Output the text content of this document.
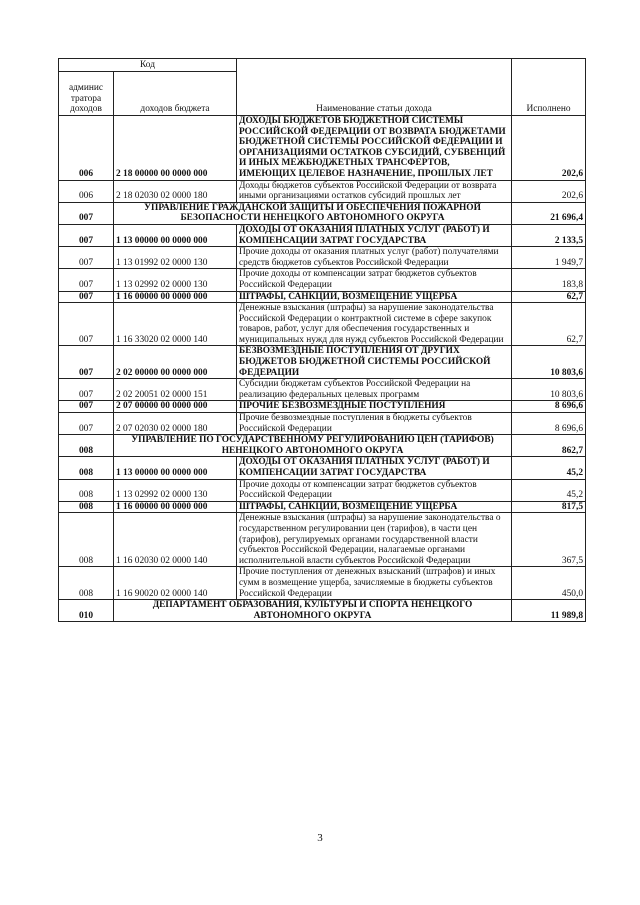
Код		Наименование статьи дохода	Исполнено
админис тратора доходов	доходов бюджета		
006	2 18 00000 00 0000 000	ДОХОДЫ БЮДЖЕТОВ БЮДЖЕТНОЙ СИСТЕМЫ РОССИЙСКОЙ ФЕДЕРАЦИИ ОТ ВОЗВРАТА БЮДЖЕТАМИ БЮДЖЕТНОЙ СИСТЕМЫ РОССИЙСКОЙ ФЕДЕРАЦИИ И ОРГАНИЗАЦИЯМИ ОСТАТКОВ СУБСИДИЙ, СУБВЕНЦИЙ И ИНЫХ МЕЖБЮДЖЕТНЫХ ТРАНСФЕРТОВ, ИМЕЮЩИХ ЦЕЛЕВОЕ НАЗНАЧЕНИЕ, ПРОШЛЫХ ЛЕТ	202,6
006	2 18 02030 02 0000 180	Доходы бюджетов субъектов Российской Федерации от возврата иными организациями остатков субсидий прошлых лет	202,6
007	УПРАВЛЕНИЕ ГРАЖДАНСКОЙ ЗАЩИТЫ И ОБЕСПЕЧЕНИЯ ПОЖАРНОЙ БЕЗОПАСНОСТИ НЕНЕЦКОГО АВТОНОМНОГО ОКРУГА		21 696,4
007	1 13 00000 00 0000 000	ДОХОДЫ ОТ ОКАЗАНИЯ ПЛАТНЫХ УСЛУГ (РАБОТ) И КОМПЕНСАЦИИ ЗАТРАТ ГОСУДАРСТВА	2 133,5
007	1 13 01992 02 0000 130	Прочие доходы от оказания платных услуг (работ) получателями средств бюджетов субъектов Российской Федерации	1 949,7
007	1 13 02992 02 0000 130	Прочие доходы от компенсации затрат бюджетов субъектов Российской Федерации	183,8
007	1 16 00000 00 0000 000	ШТРАФЫ, САНКЦИИ, ВОЗМЕЩЕНИЕ УЩЕРБА	62,7
007	1 16 33020 02 0000 140	Денежные взыскания (штрафы) за нарушение законодательства Российской Федерации о контрактной системе в сфере закупок товаров, работ, услуг для обеспечения государственных и муниципальных нужд для нужд субъектов Российской Федерации	62,7
007	2 02 00000 00 0000 000	БЕЗВОЗМЕЗДНЫЕ ПОСТУПЛЕНИЯ ОТ ДРУГИХ БЮДЖЕТОВ БЮДЖЕТНОЙ СИСТЕМЫ РОССИЙСКОЙ ФЕДЕРАЦИИ	10 803,6
007	2 02 20051 02 0000 151	Субсидии бюджетам субъектов Российской Федерации на реализацию федеральных целевых программ	10 803,6
007	2 07 00000 00 0000 000	ПРОЧИЕ БЕЗВОЗМЕЗДНЫЕ ПОСТУПЛЕНИЯ	8 696,6
007	2 07 02030 02 0000 180	Прочие безвозмездные поступления в бюджеты субъектов Российской Федерации	8 696,6
008	УПРАВЛЕНИЕ ПО ГОСУДАРСТВЕННОМУ РЕГУЛИРОВАНИЮ ЦЕН (ТАРИФОВ) НЕНЕЦКОГО АВТОНОМНОГО ОКРУГА		862,7
008	1 13 00000 00 0000 000	ДОХОДЫ ОТ ОКАЗАНИЯ ПЛАТНЫХ УСЛУГ (РАБОТ) И КОМПЕНСАЦИИ ЗАТРАТ ГОСУДАРСТВА	45,2
008	1 13 02992 02 0000 130	Прочие доходы от компенсации затрат бюджетов субъектов Российской Федерации	45,2
008	1 16 00000 00 0000 000	ШТРАФЫ, САНКЦИИ, ВОЗМЕЩЕНИЕ УЩЕРБА	817,5
008	1 16 02030 02 0000 140	Денежные взыскания (штрафы) за нарушение законодательства о государственном регулировании цен (тарифов), в части цен (тарифов), регулируемых органами государственной власти субъектов Российской Федерации, налагаемые органами исполнительной власти субъектов Российской Федерации	367,5
008	1 16 90020 02 0000 140	Прочие поступления от денежных взысканий (штрафов) и иных сумм в возмещение ущерба, зачисляемые в бюджеты субъектов Российской Федерации	450,0
010	ДЕПАРТАМЕНТ ОБРАЗОВАНИЯ, КУЛЬТУРЫ И СПОРТА НЕНЕЦКОГО АВТОНОМНОГО ОКРУГА		11 989,8
3
